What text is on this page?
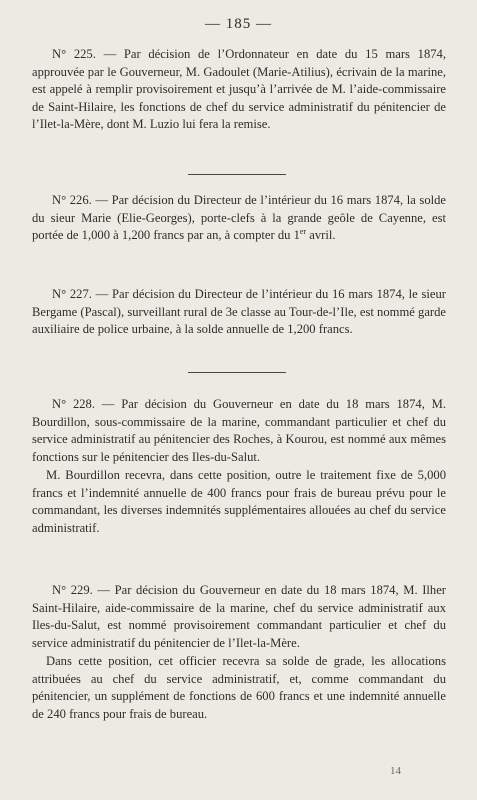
— 185 —

N° 225. — Par décision de l’Ordonnateur en date du 15 mars 1874, approuvée par le Gouverneur, M. Gadoulet (Marie-Atilius), écrivain de la marine, est appelé à remplir provisoirement et jusqu’à l’arrivée de M. l’aide-commissaire de Saint-Hilaire, les fonctions de chef du service administratif du pénitencier de l’Ilet-la-Mère, dont M. Luzio lui fera la remise.

N° 226. — Par décision du Directeur de l’intérieur du 16 mars 1874, la solde du sieur Marie (Elie-Georges), porte-clefs à la grande geôle de Cayenne, est portée de 1,000 à 1,200 francs par an, à compter du 1er avril.

N° 227. — Par décision du Directeur de l’intérieur du 16 mars 1874, le sieur Bergame (Pascal), surveillant rural de 3e classe au Tour-de-l’Ile, est nommé garde auxiliaire de police urbaine, à la solde annuelle de 1,200 francs.

N° 228. — Par décision du Gouverneur en date du 18 mars 1874, M. Bourdillon, sous-commissaire de la marine, commandant particulier et chef du service administratif au pénitencier des Roches, à Kourou, est nommé aux mêmes fonctions sur le pénitencier des Iles-du-Salut.

M. Bourdillon recevra, dans cette position, outre le traitement fixe de 5,000 francs et l’indemnité annuelle de 400 francs pour frais de bureau prévu pour le commandant, les diverses indemnités supplémentaires allouées au chef du service administratif.

N° 229. — Par décision du Gouverneur en date du 18 mars 1874, M. Ilher Saint-Hilaire, aide-commissaire de la marine, chef du service administratif aux Iles-du-Salut, est nommé provisoirement commandant particulier et chef du service administratif du pénitencier de l’Ilet-la-Mère.

Dans cette position, cet officier recevra sa solde de grade, les allocations attribuées au chef du service administratif, et, comme commandant du pénitencier, un supplément de fonctions de 600 francs et une indemnité annuelle de 240 francs pour frais de bureau.

14
